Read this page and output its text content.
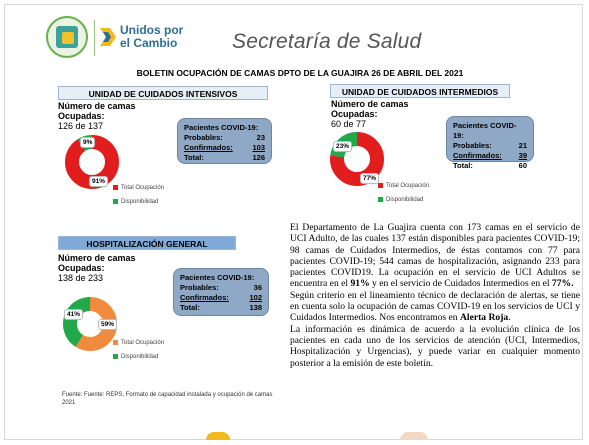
Unidos por
el Cambio	Secretaría de Salud
BOLETIN OCUPACIÓN DE CAMAS DPTO DE LA GUAJIRA 26 DE ABRIL DEL 2021
UNIDAD DE CUIDADOS INTENSIVOS
Número de camas
Ocupadas:
126 de 137
9%
91%
Total Ocupación
Disponibilidad
Pacientes COVID-19:
Probables:	23
Confirmados:	103
Total:	126
UNIDAD DE CUIDADOS INTERMEDIOS
Número de camas
Ocupadas:
60 de 77
23%
77%
Total Ocupación
Disponibilidad
Pacientes COVID-19:
Probables:	21
Confirmados: 39
Total:	60
HOSPITALIZACIÓN GENERAL
Número de camas
Ocupadas:
138 de 233
41%
59%
Total Ocupación
Disponibilidad
Pacientes COVID-19:
Probables:	36
Confirmados:	102
Total:	138

El Departamento de La Guajira cuenta con 173 camas en el servicio de UCI Adulto, de las cuales 137 están disponibles para pacientes COVID-19; 98 camas de Cuidados Intermedios, de éstas contamos con 77 para pacientes COVID-19; 544 camas de hospitalización, asignando 233 para pacientes COVID19. La ocupación en el servicio de UCI Adultos se encuentra en el 91% y en el servicio de Cuidados Intermedios en el 77%.

Según criterio en el lineamiento técnico de declaración de alertas, se tiene en cuenta solo la ocupación de camas COVID-19 en los servicios de UCI y Cuidados Intermedios. Nos encontramos en Alerta Roja.

La información es dinámica de acuerdo a la evolución clínica de los pacientes en cada uno de los servicios de atención (UCI, Intermedios, Hospitalización y Urgencias), y puede variar en cualquier momento posterior a la emisión de este boletín.

Fuente: Fuente: REPS, Formato de capacidad instalada y ocupación de camas 2021
